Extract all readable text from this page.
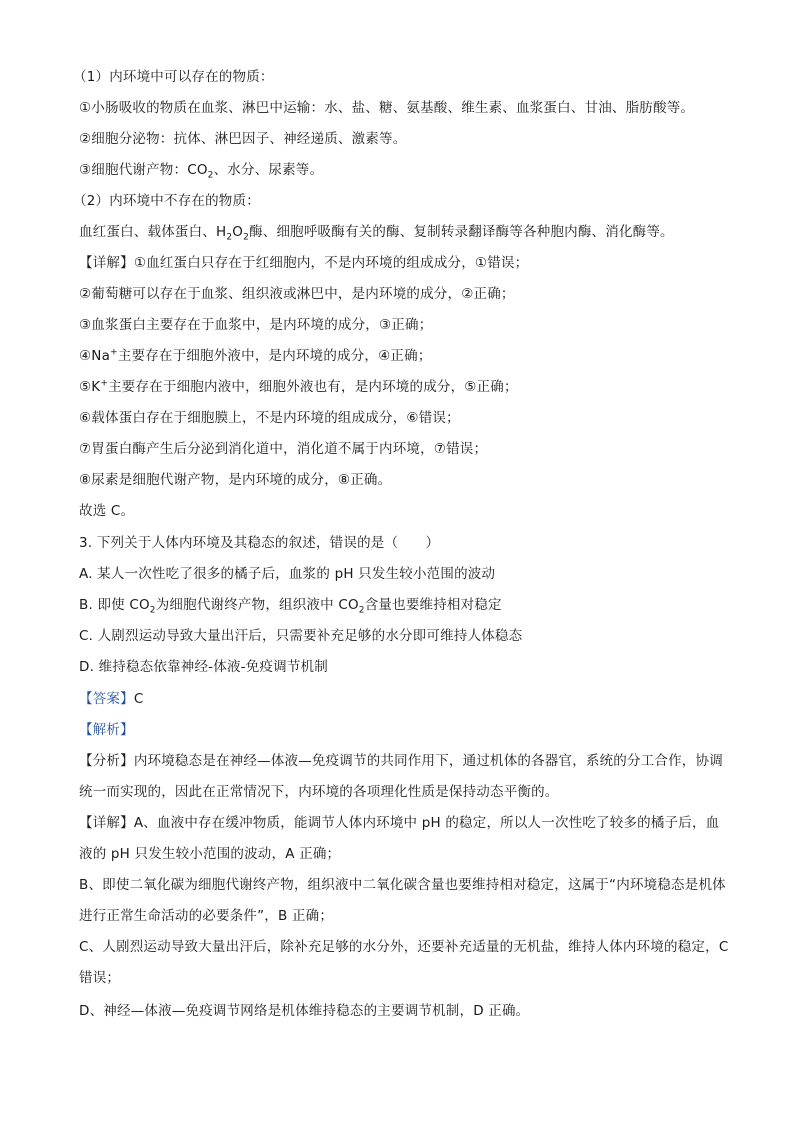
（1）内环境中可以存在的物质：
①小肠吸收的物质在血浆、淋巴中运输：水、盐、糖、氨基酸、维生素、血浆蛋白、甘油、脂肪酸等。
②细胞分泌物：抗体、淋巴因子、神经递质、激素等。
③细胞代谢产物：$CO_2$、水分、尿素等。
（2）内环境中不存在的物质：
血红蛋白、载体蛋白、$H_2O_2$酶、细胞呼吸酶有关的酶、复制转录翻译酶等各种胞内酶、消化酶等。
【详解】①血红蛋白只存在于红细胞内，不是内环境的组成成分，①错误；
②葡萄糖可以存在于血浆、组织液或淋巴中，是内环境的成分，②正确；
③血浆蛋白主要存在于血浆中，是内环境的成分，③正确；
④Na+主要存在于细胞外液中，是内环境的成分，④正确；
⑤K+主要存在于细胞内液中，细胞外液也有，是内环境的成分，⑤正确；
⑥载体蛋白存在于细胞膜上，不是内环境的组成成分，⑥错误；
⑦胃蛋白酶产生后分泌到消化道中，消化道不属于内环境，⑦错误；
⑧尿素是细胞代谢产物，是内环境的成分，⑧正确。
故选 C。
3. 下列关于人体内环境及其稳态的叙述，错误的是（　　）
A. 某人一次性吃了很多的橘子后，血浆的 pH 只发生较小范围的波动
B. 即使 $CO_2$为细胞代谢终产物，组织液中 $CO_2$含量也要维持相对稳定
C. 人剧烈运动导致大量出汗后，只需要补充足够的水分即可维持人体稳态
D. 维持稳态依靠神经-体液-免疫调节机制
【答案】C
【解析】
【分析】内环境稳态是在神经—体液—免疫调节的共同作用下，通过机体的各器官，系统的分工合作，协调统一而实现的，因此在正常情况下，内环境的各项理化性质是保持动态平衡的。
【详解】A、血液中存在缓冲物质，能调节人体内环境中 pH 的稳定，所以人一次性吃了较多的橘子后，血液的 pH 只发生较小范围的波动，A 正确；
B、即使二氧化碳为细胞代谢终产物，组织液中二氧化碳含量也要维持相对稳定，这属于“内环境稳态是机体进行正常生命活动的必要条件”，B 正确；
C、人剧烈运动导致大量出汗后，除补充足够的水分外，还要补充适量的无机盐，维持人体内环境的稳定，C 错误；
D、神经—体液—免疫调节网络是机体维持稳态的主要调节机制，D 正确。
